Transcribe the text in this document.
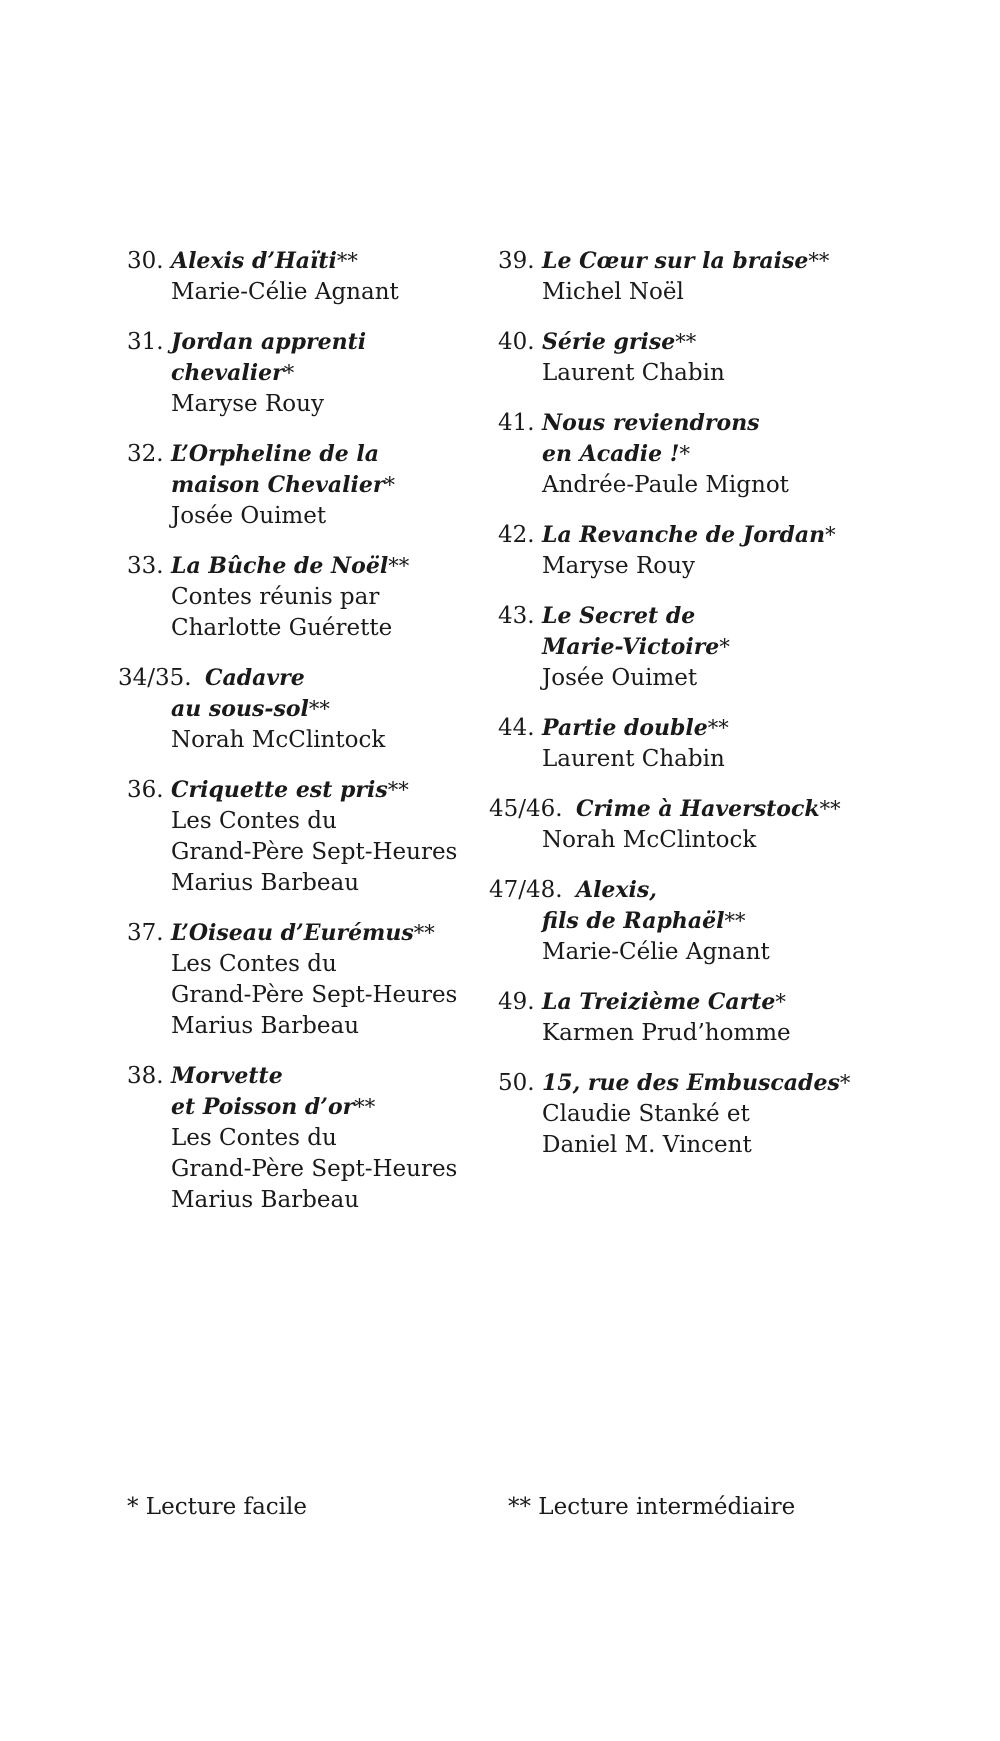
30. Alexis d’Haïti**
Marie-Célie Agnant
31. Jordan apprenti
chevalier*
Maryse Rouy
32. L’Orpheline de la
maison Chevalier*
Josée Ouimet
33. La Bûche de Noël**
Contes réunis par
Charlotte Guérette
34/35. Cadavre
au sous-sol**
Norah McClintock
36. Criquette est pris**
Les Contes du
Grand-Père Sept-Heures
Marius Barbeau
37. L’Oiseau d’Eurémus**
Les Contes du
Grand-Père Sept-Heures
Marius Barbeau
38. Morvette
et Poisson d’or**
Les Contes du
Grand-Père Sept-Heures
Marius Barbeau
39. Le Cœur sur la braise**
Michel Noël
40. Série grise**
Laurent Chabin
41. Nous reviendrons
en Acadie !*
Andrée-Paule Mignot
42. La Revanche de Jordan*
Maryse Rouy
43. Le Secret de
Marie-Victoire*
Josée Ouimet
44. Partie double**
Laurent Chabin
45/46. Crime à Haverstock**
Norah McClintock
47/48. Alexis,
fils de Raphaël**
Marie-Célie Agnant
49. La Treizième Carte*
Karmen Prud’homme
50. 15, rue des Embuscades*
Claudie Stanké et
Daniel M. Vincent
* Lecture facile	** Lecture intermédiaire
